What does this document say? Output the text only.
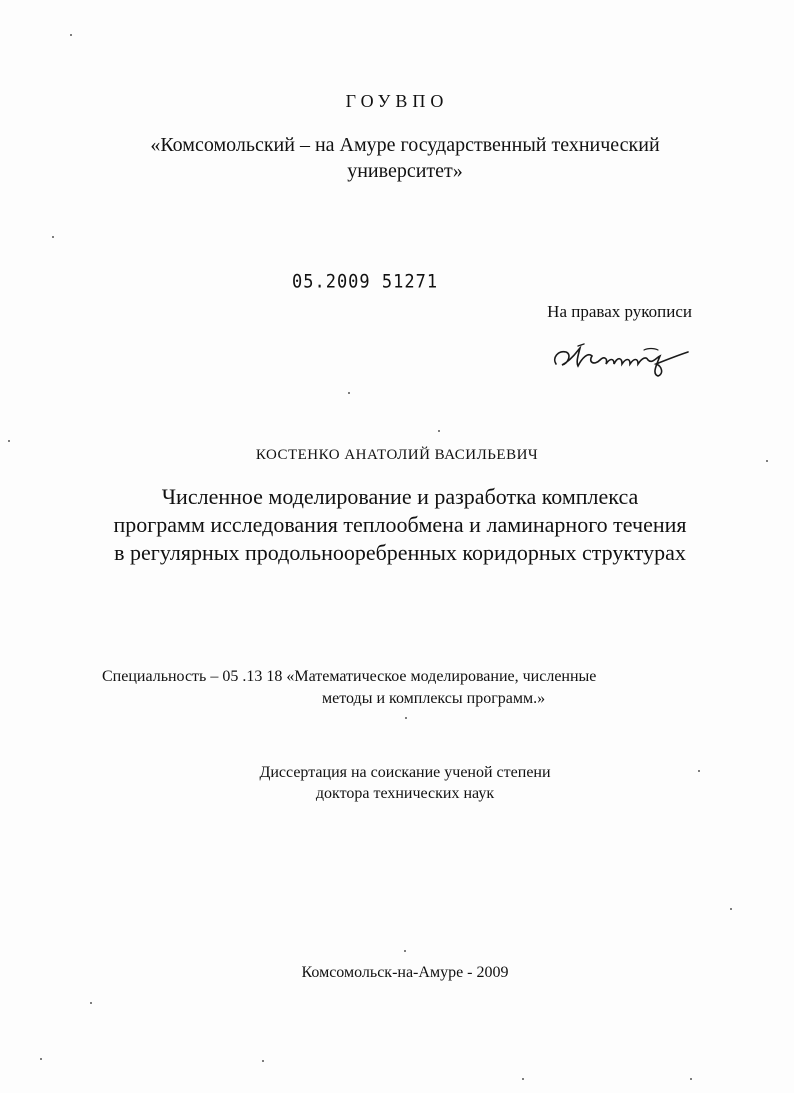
ГОУВПО
«Комсомольский – на Амуре государственный технический
университет»
05.2009 51271
На правах рукописи
КОСТЕНКО АНАТОЛИЙ ВАСИЛЬЕВИЧ
Численное моделирование и разработка комплекса
программ исследования теплообмена и ламинарного течения
в регулярных продольнооребренных коридорных структурах
Специальность – 05 .13 18 «Математическое моделирование, численные
методы и комплексы программ.»
Диссертация на соискание ученой степени
доктора технических наук
Комсомольск-на-Амуре - 2009
